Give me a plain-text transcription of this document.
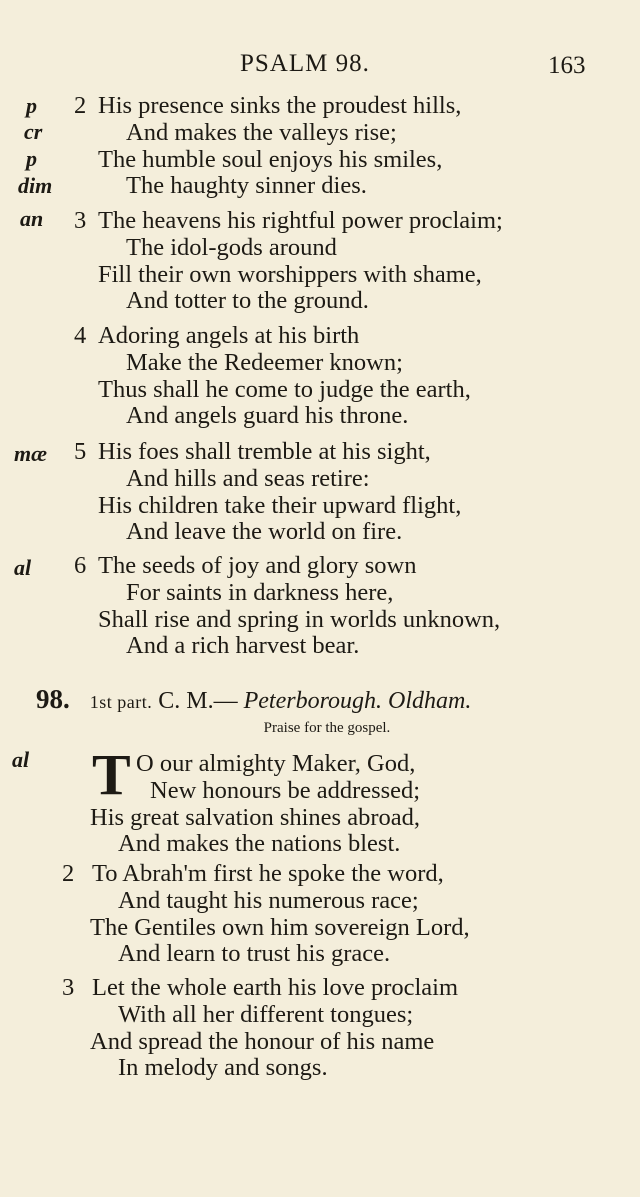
PSALM 98.	163
p
cr
p
dim
an
mæ
al
al
His presence sinks the proudest hills,
2
And makes the valleys rise;
The humble soul enjoys his smiles,
The haughty sinner dies.
The heavens his rightful power proclaim;
3
The idol-gods around
Fill their own worshippers with shame,
And totter to the ground.
Adoring angels at his birth
4
Make the Redeemer known;
Thus shall he come to judge the earth,
And angels guard his throne.
His foes shall tremble at his sight,
5
And hills and seas retire:
His children take their upward flight,
And leave the world on fire.
The seeds of joy and glory sown
6
For saints in darkness here,
Shall rise and spring in worlds unknown,
And a rich harvest bear.
O our almighty Maker, God,
New honours be addressed;
His great salvation shines abroad,
And makes the nations blest.
To Abrah'm first he spoke the word,
2
And taught his numerous race;
The Gentiles own him sovereign Lord,
And learn to trust his grace.
Let the whole earth his love proclaim
3
With all her different tongues;
And spread the honour of his name
In melody and songs.
98. 1st part. C. M.— Peterborough. Oldham.
Praise for the gospel.
T
